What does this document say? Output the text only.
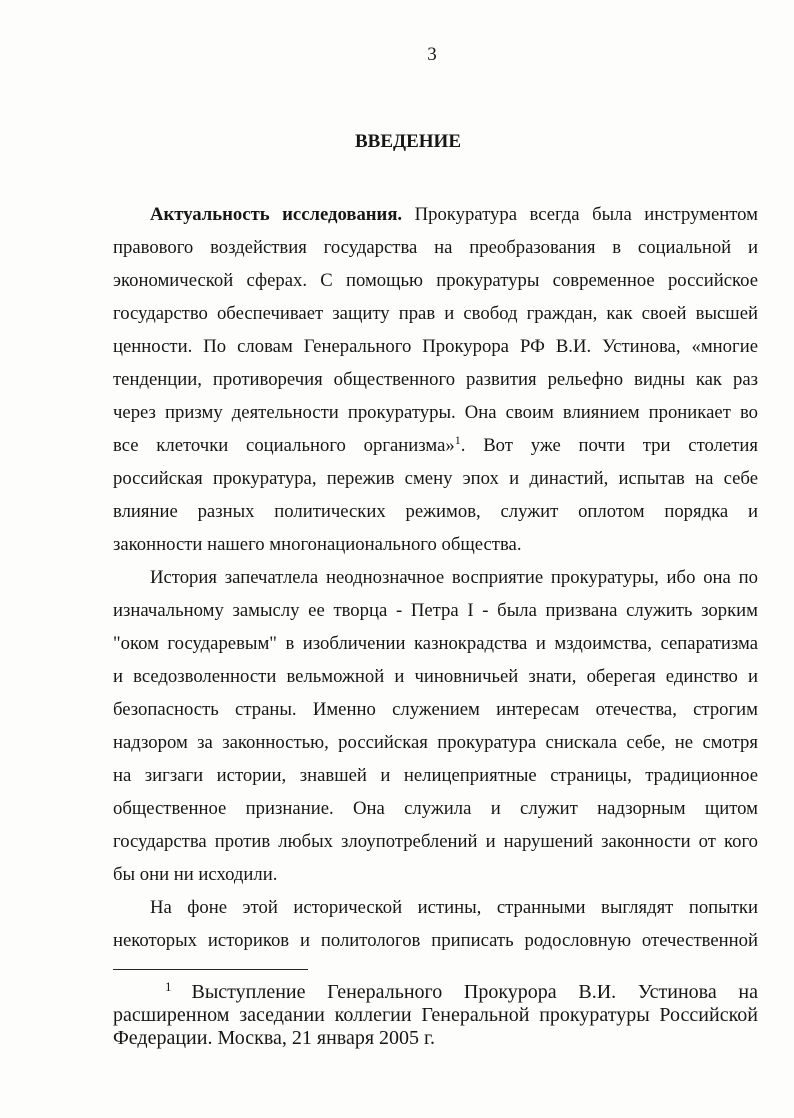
3
ВВЕДЕНИЕ
Актуальность исследования. Прокуратура всегда была инструментом
правового воздействия государства на преобразования в социальной и
экономической сферах. С помощью прокуратуры современное российское
государство обеспечивает защиту прав и свобод граждан, как своей высшей
ценности. По словам Генерального Прокурора РФ В.И. Устинова, «многие
тенденции, противоречия общественного развития рельефно видны как раз
через призму деятельности прокуратуры. Она своим влиянием проникает во
все клеточки социального организма»$^1$. Вот уже почти три столетия
российская прокуратура, пережив смену эпох и династий, испытав на себе
влияние разных политических режимов, служит оплотом порядка и
законности нашего многонационального общества.
История запечатлела неоднозначное восприятие прокуратуры, ибо она по
изначальному замыслу ее творца - Петра I - была призвана служить зорким
"оком государевым" в изобличении казнокрадства и мздоимства, сепаратизма
и вседозволенности вельможной и чиновничьей знати, оберегая единство и
безопасность страны. Именно служением интересам отечества, строгим
надзором за законностью, российская прокуратура снискала себе, не смотря
на зигзаги истории, знавшей и нелицеприятные страницы, традиционное
общественное признание. Она служила и служит надзорным щитом
государства против любых злоупотреблений и нарушений законности от кого
бы они ни исходили.
На фоне этой исторической истины, странными выглядят попытки
некоторых историков и политологов приписать родословную отечественной
$^1$ Выступление Генерального Прокурора В.И. Устинова на
расширенном заседании коллегии Генеральной прокуратуры Российской
Федерации. Москва, 21 января 2005 г.
